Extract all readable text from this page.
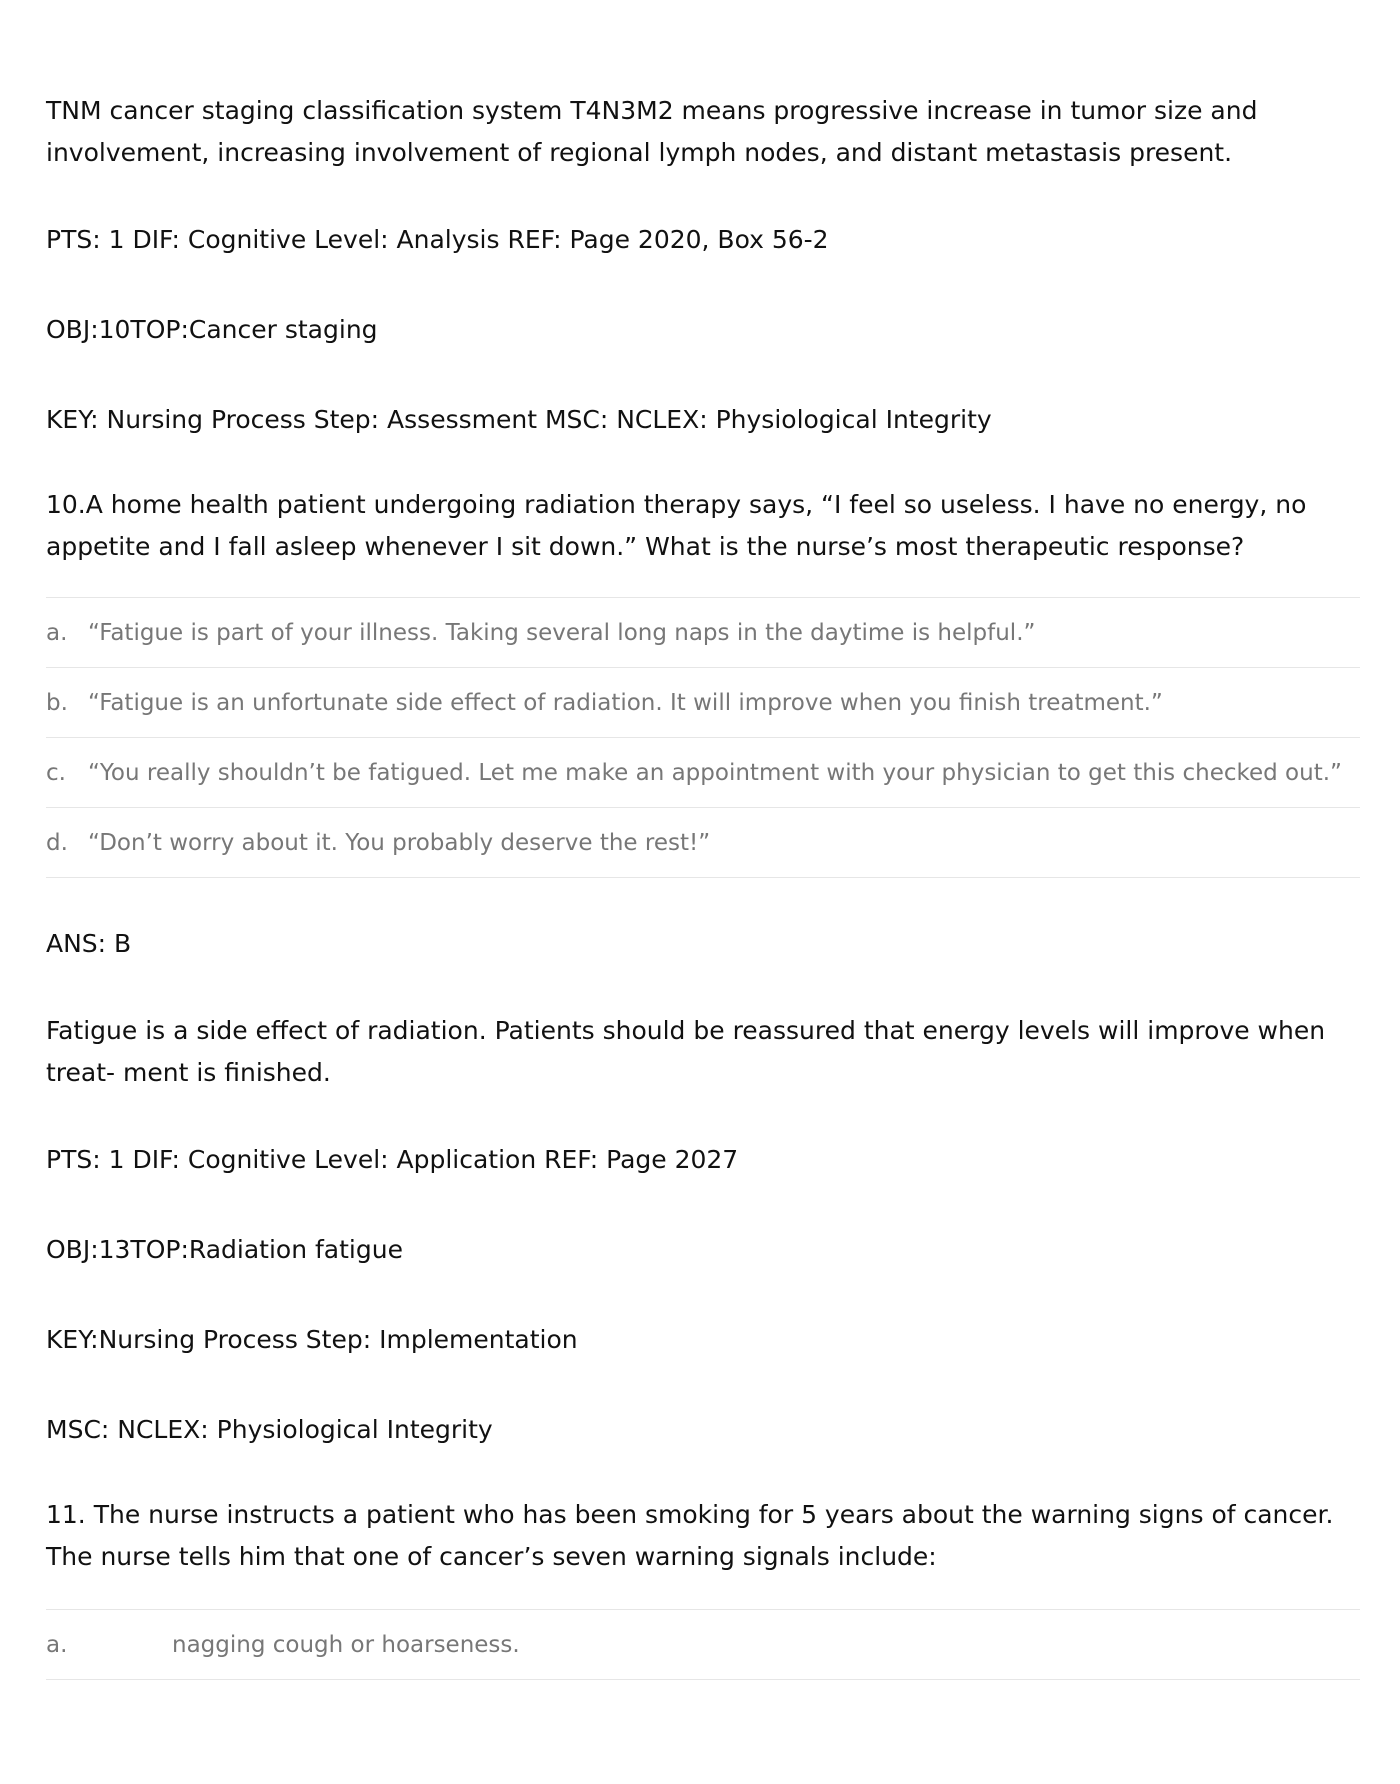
TNM cancer staging classiﬁcation system T4N3M2 means progressive increase in tumor size and involvement, increasing involvement of regional lymph nodes, and distant metastasis present.

PTS: 1 DIF: Cognitive Level: Analysis REF: Page 2020, Box 56-2

OBJ:10TOP:Cancer staging

KEY: Nursing Process Step: Assessment MSC: NCLEX: Physiological Integrity

10.A home health patient undergoing radiation therapy says, “I feel so useless. I have no energy, no appetite and I fall asleep whenever I sit down.” What is the nurse’s most therapeutic response?

a. “Fatigue is part of your illness. Taking several long naps in the daytime is helpful.”
b. “Fatigue is an unfortunate side eﬀect of radiation. It will improve when you ﬁnish treatment.”
c. “You really shouldn’t be fatigued. Let me make an appointment with your physician to get this checked out.”
d. “Don’t worry about it. You probably deserve the rest!”

ANS: B

Fatigue is a side eﬀect of radiation. Patients should be reassured that energy levels will improve when treat- ment is ﬁnished.

PTS: 1 DIF: Cognitive Level: Application REF: Page 2027

OBJ:13TOP:Radiation fatigue

KEY:Nursing Process Step: Implementation

MSC: NCLEX: Physiological Integrity

11. The nurse instructs a patient who has been smoking for 5 years about the warning signs of cancer. The nurse tells him that one of cancer’s seven warning signals include:

a.	nagging cough or hoarseness.
